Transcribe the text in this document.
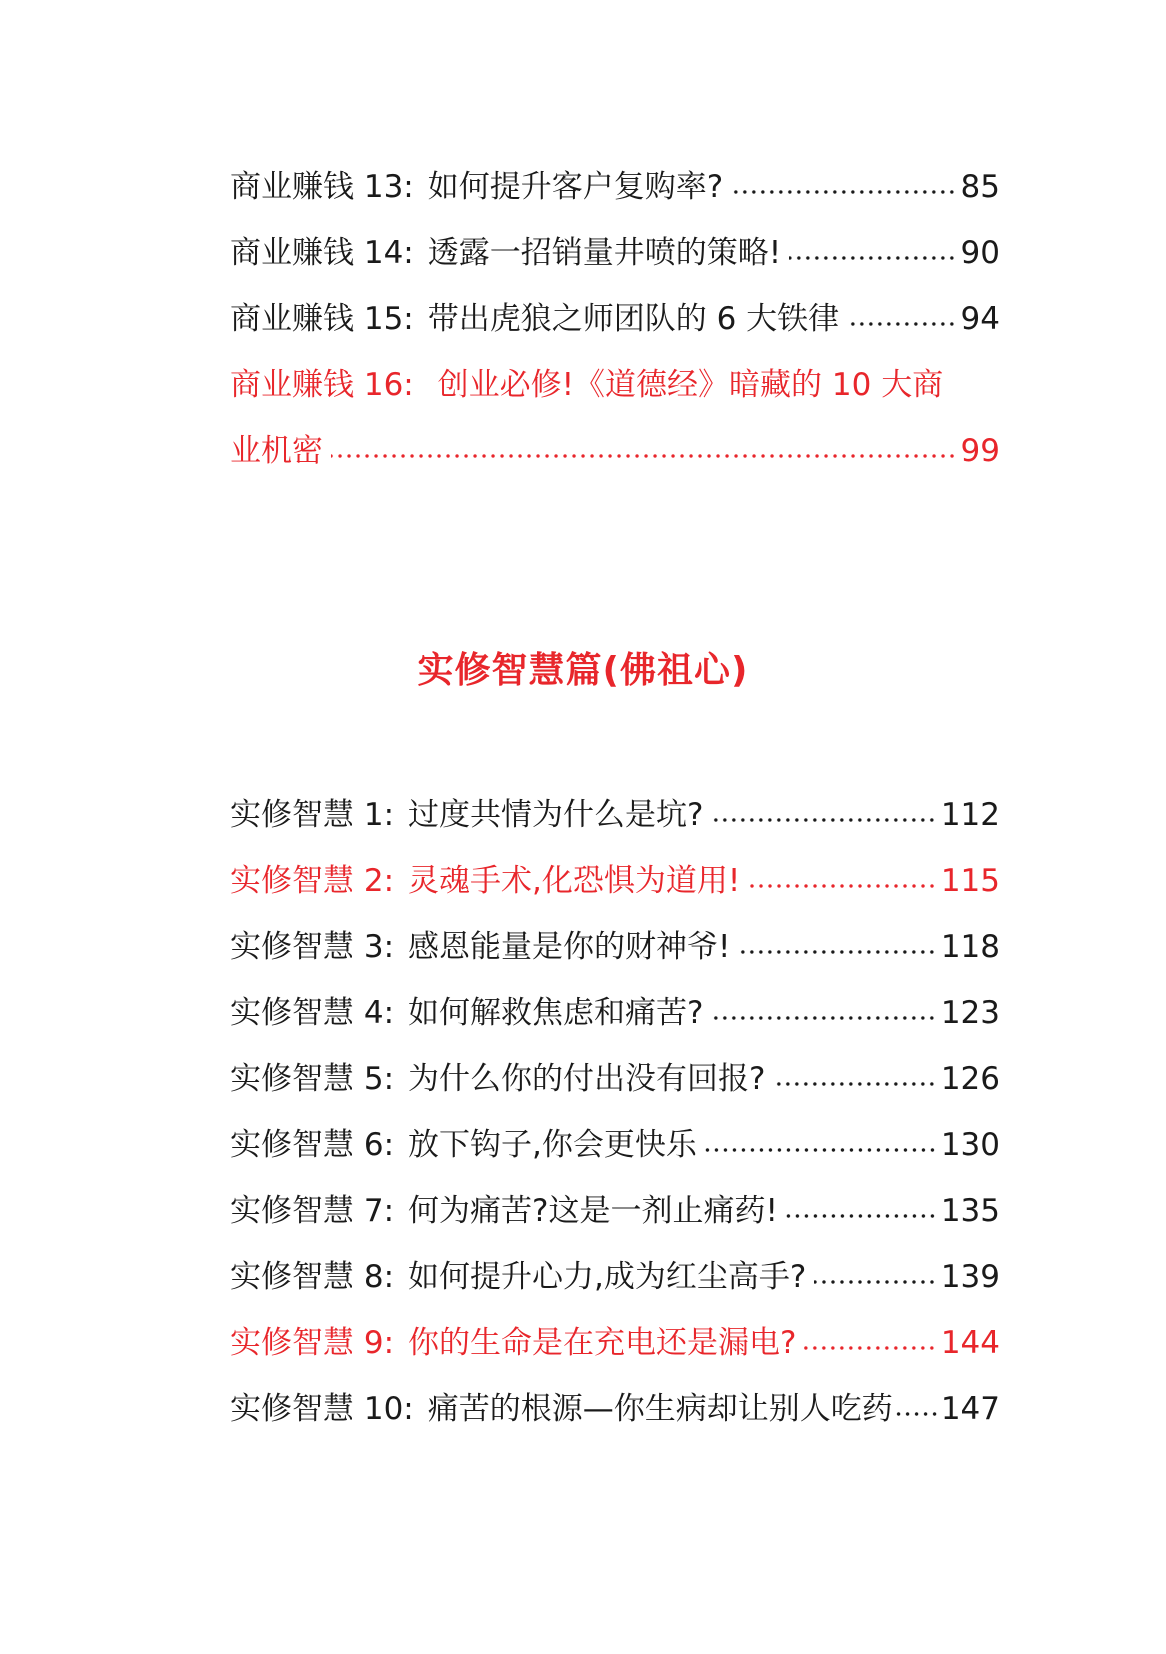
商业赚钱 13: 如何提升客户复购率?	85
商业赚钱 14: 透露一招销量井喷的策略!	90
商业赚钱 15: 带出虎狼之师团队的 6 大铁律	94
商业赚钱 16: 创业必修!《道德经》暗藏的 10 大商
业机密	99
实修智慧篇(佛祖心)
实修智慧 1: 过度共情为什么是坑?	112
实修智慧 2: 灵魂手术,化恐惧为道用!	115
实修智慧 3: 感恩能量是你的财神爷!	118
实修智慧 4: 如何解救焦虑和痛苦?	123
实修智慧 5: 为什么你的付出没有回报?	126
实修智慧 6: 放下钩子,你会更快乐	130
实修智慧 7: 何为痛苦?这是一剂止痛药!	135
实修智慧 8: 如何提升心力,成为红尘高手?	139
实修智慧 9: 你的生命是在充电还是漏电?	144
实修智慧 10: 痛苦的根源—你生病却让别人吃药 147
